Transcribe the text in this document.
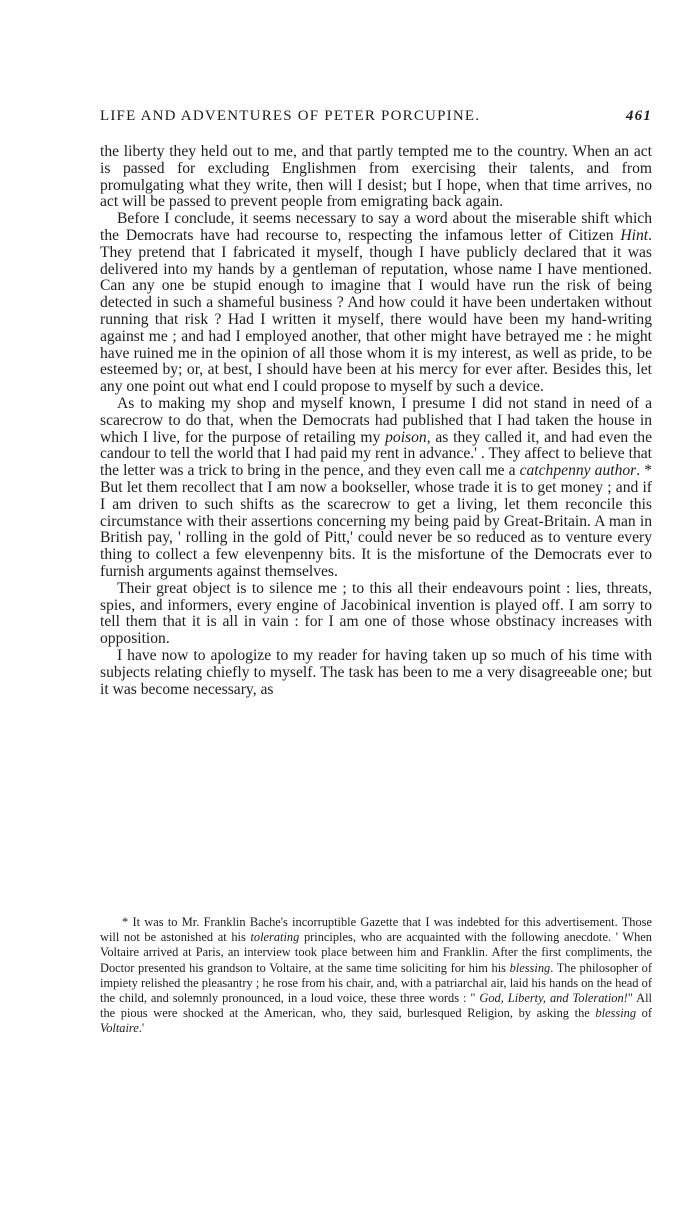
LIFE AND ADVENTURES OF PETER PORCUPINE.	461

the liberty they held out to me, and that partly tempted me to the country. When an act is passed for excluding Englishmen from exercising their talents, and from promulgating what they write, then will I desist; but I hope, when that time arrives, no act will be passed to prevent people from emigrating back again.

Before I conclude, it seems necessary to say a word about the miserable shift which the Democrats have had recourse to, respecting the infamous letter of Citizen Hint. They pretend that I fabricated it myself, though I have publicly declared that it was delivered into my hands by a gentleman of reputation, whose name I have mentioned. Can any one be stupid enough to imagine that I would have run the risk of being detected in such a shameful business ? And how could it have been undertaken without running that risk ? Had I written it myself, there would have been my hand-writing against me ; and had I employed another, that other might have betrayed me : he might have ruined me in the opinion of all those whom it is my interest, as well as pride, to be esteemed by; or, at best, I should have been at his mercy for ever after. Besides this, let any one point out what end I could propose to myself by such a device.

As to making my shop and myself known, I presume I did not stand in need of a scarecrow to do that, when the Democrats had published that I had taken the house in which I live, for the purpose of retailing my poison, as they called it, and had even the candour to tell the world that I had paid my rent in advance.' . They affect to believe that the letter was a trick to bring in the pence, and they even call me a catchpenny author. * But let them recollect that I am now a bookseller, whose trade it is to get money ; and if I am driven to such shifts as the scarecrow to get a living, let them reconcile this circumstance with their assertions concerning my being paid by Great-Britain. A man in British pay, ' rolling in the gold of Pitt,' could never be so reduced as to venture every thing to collect a few elevenpenny bits. It is the misfortune of the Democrats ever to furnish arguments against themselves.

Their great object is to silence me ; to this all their endeavours point : lies, threats, spies, and informers, every engine of Jacobinical invention is played off. I am sorry to tell them that it is all in vain : for I am one of those whose obstinacy increases with opposition.

I have now to apologize to my reader for having taken up so much of his time with subjects relating chiefly to myself. The task has been to me a very disagreeable one; but it was become necessary, as

* It was to Mr. Franklin Bache's incorruptible Gazette that I was indebted for this advertisement. Those will not be astonished at his tolerating principles, who are acquainted with the following anecdote. ' When Voltaire arrived at Paris, an interview took place between him and Franklin. After the first compliments, the Doctor presented his grandson to Voltaire, at the same time soliciting for him his blessing. The philosopher of impiety relished the pleasantry ; he rose from his chair, and, with a patriarchal air, laid his hands on the head of the child, and solemnly pronounced, in a loud voice, these three words : " God, Liberty, and Toleration!" All the pious were shocked at the American, who, they said, burlesqued Religion, by asking the blessing of Voltaire.'
